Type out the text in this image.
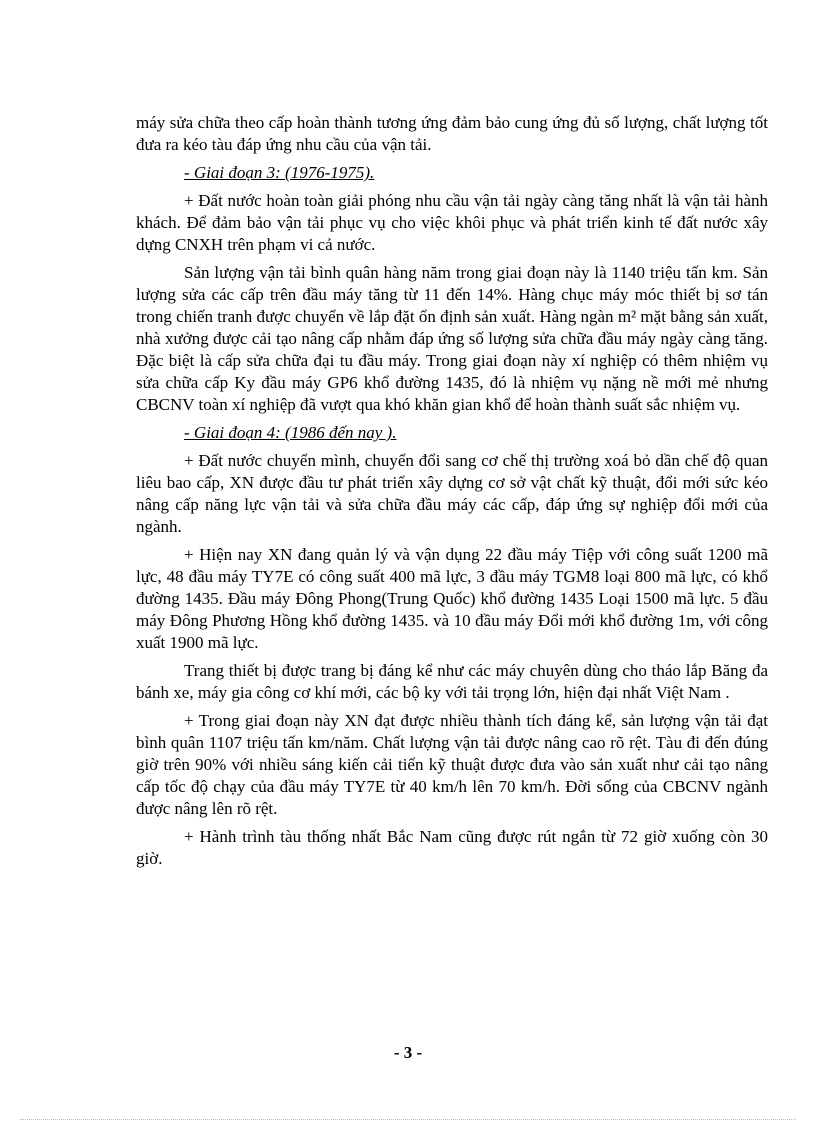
máy sửa chữa theo cấp hoàn thành tương ứng đảm bảo cung ứng đủ số lượng, chất lượng tốt đưa ra kéo tàu đáp ứng nhu cầu của vận tải.

- Giai đoạn 3: (1976-1975).

+ Đất nước hoàn toàn giải phóng nhu cầu vận tải ngày càng tăng nhất là vận tải hành khách. Để đảm bảo vận tải phục vụ cho việc khôi phục và phát triển kinh tế đất nước xây dựng CNXH trên phạm vi cả nước.

Sản lượng vận tải bình quân hàng năm trong giai đoạn này là 1140 triệu tấn km. Sản lượng sửa các cấp trên đầu máy tăng từ 11 đến 14%. Hàng chục máy móc thiết bị sơ tán trong chiến tranh được chuyển về lắp đặt ổn định sản xuất. Hàng ngàn m² mặt bằng sản xuất, nhà xưởng được cải tạo nâng cấp nhằm đáp ứng số lượng sửa chữa đầu máy ngày càng tăng. Đặc biệt là cấp sửa chữa đại tu đầu máy. Trong giai đoạn này xí nghiệp có thêm nhiệm vụ sửa chữa cấp Ky đầu máy GP6 khổ đường 1435, đó là nhiệm vụ nặng nề mới mẻ nhưng CBCNV toàn xí nghiệp đã vượt qua khó khăn gian khổ để hoàn thành suất sắc nhiệm vụ.

- Giai đoạn 4: (1986 đến nay ).

+ Đất nước chuyển mình, chuyển đổi sang cơ chế thị trường xoá bỏ dần chế độ quan liêu bao cấp, XN được đầu tư phát triển xây dựng cơ sở vật chất kỹ thuật, đổi mới sức kéo nâng cấp năng lực vận tải và sửa chữa đầu máy các cấp, đáp ứng sự nghiệp đổi mới của ngành.

+ Hiện nay XN đang quản lý và vận dụng 22 đầu máy Tiệp với công suất 1200 mã lực, 48 đầu máy TY7E có công suất 400 mã lực, 3 đầu máy TGM8 loại 800 mã lực, có khổ đường 1435. Đầu máy Đông Phong(Trung Quốc) khổ đường 1435 Loại 1500 mã lực. 5 đầu máy Đông Phương Hồng khổ đường 1435. và 10 đầu máy Đổi mới khổ đường 1m, với công xuất 1900 mã lực.

Trang thiết bị được trang bị đáng kể như các máy chuyên dùng cho tháo lắp Băng đa bánh xe, máy gia công cơ khí mới, các bộ ky với tải trọng lớn, hiện đại nhất Việt Nam .

+ Trong giai đoạn này XN đạt được nhiều thành tích đáng kể, sản lượng vận tải đạt bình quân 1107 triệu tấn km/năm. Chất lượng vận tải được nâng cao rõ rệt. Tàu đi đến đúng giờ trên 90% với nhiều sáng kiến cải tiến kỹ thuật được đưa vào sản xuất như cải tạo nâng cấp tốc độ chạy của đầu máy TY7E từ 40 km/h lên 70 km/h. Đời sống của CBCNV ngành được nâng lên rõ rệt.

+ Hành trình tàu thống nhất Bắc Nam cũng được rút ngắn từ 72 giờ xuống còn 30 giờ.

- 3 -
